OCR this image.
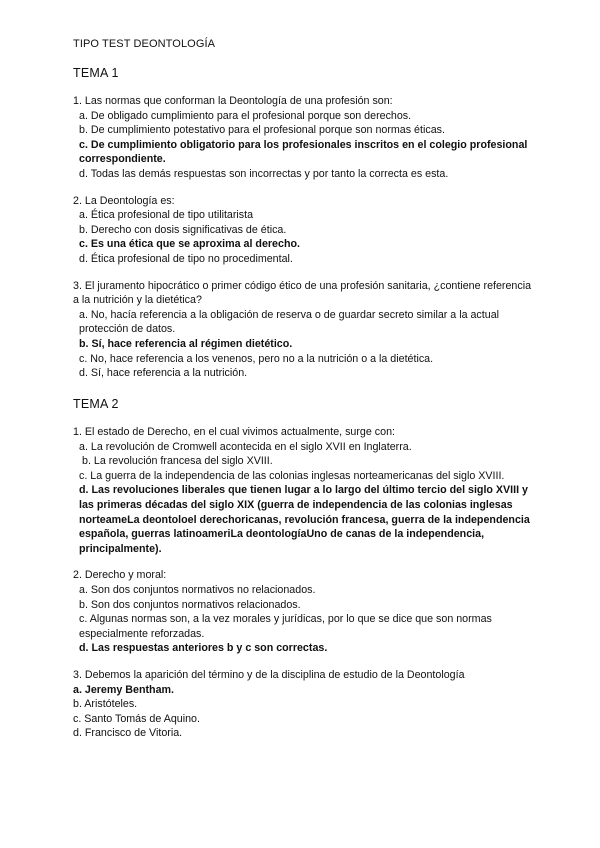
TIPO TEST DEONTOLOGÍA
TEMA 1

1. Las normas que conforman la Deontología de una profesión son:

a. De obligado cumplimiento para el profesional porque son derechos.

b. De cumplimiento potestativo para el profesional porque son normas éticas.

c. De cumplimiento obligatorio para los profesionales inscritos en el colegio profesional correspondiente.

d. Todas las demás respuestas son incorrectas y por tanto la correcta es esta.

2. La Deontología es:

a. Ética profesional de tipo utilitarista

b. Derecho con dosis significativas de ética.

c. Es una ética que se aproxima al derecho.

d. Ética profesional de tipo no procedimental.

3. El juramento hipocrático o primer código ético de una profesión sanitaria, ¿contiene referencia a la nutrición y la dietética?

a. No, hacía referencia a la obligación de reserva o de guardar secreto similar a la actual protección de datos.

b. Sí, hace referencia al régimen dietético.

c. No, hace referencia a los venenos, pero no a la nutrición o a la dietética.

d. Sí, hace referencia a la nutrición.

TEMA 2

1. El estado de Derecho, en el cual vivimos actualmente, surge con:

a. La revolución de Cromwell acontecida en el siglo XVII en Inglaterra.

b. La revolución francesa del siglo XVIII.

c. La guerra de la independencia de las colonias inglesas norteamericanas del siglo XVIII.

d. Las revoluciones liberales que tienen lugar a lo largo del último tercio del siglo XVIII y las primeras décadas del siglo XIX (guerra de independencia de las colonias inglesas norteameLa deontoloel derechoricanas, revolución francesa, guerra de la independencia española, guerras latinoameriLa deontologíaUno de canas de la independencia, principalmente).

2. Derecho y moral:

a. Son dos conjuntos normativos no relacionados.

b. Son dos conjuntos normativos relacionados.

c. Algunas normas son, a la vez morales y jurídicas, por lo que se dice que son normas especialmente reforzadas.

d. Las respuestas anteriores b y c son correctas.

3. Debemos la aparición del término y de la disciplina de estudio de la Deontología

a. Jeremy Bentham.

b. Aristóteles.

c. Santo Tomás de Aquino.

d. Francisco de Vitoria.
